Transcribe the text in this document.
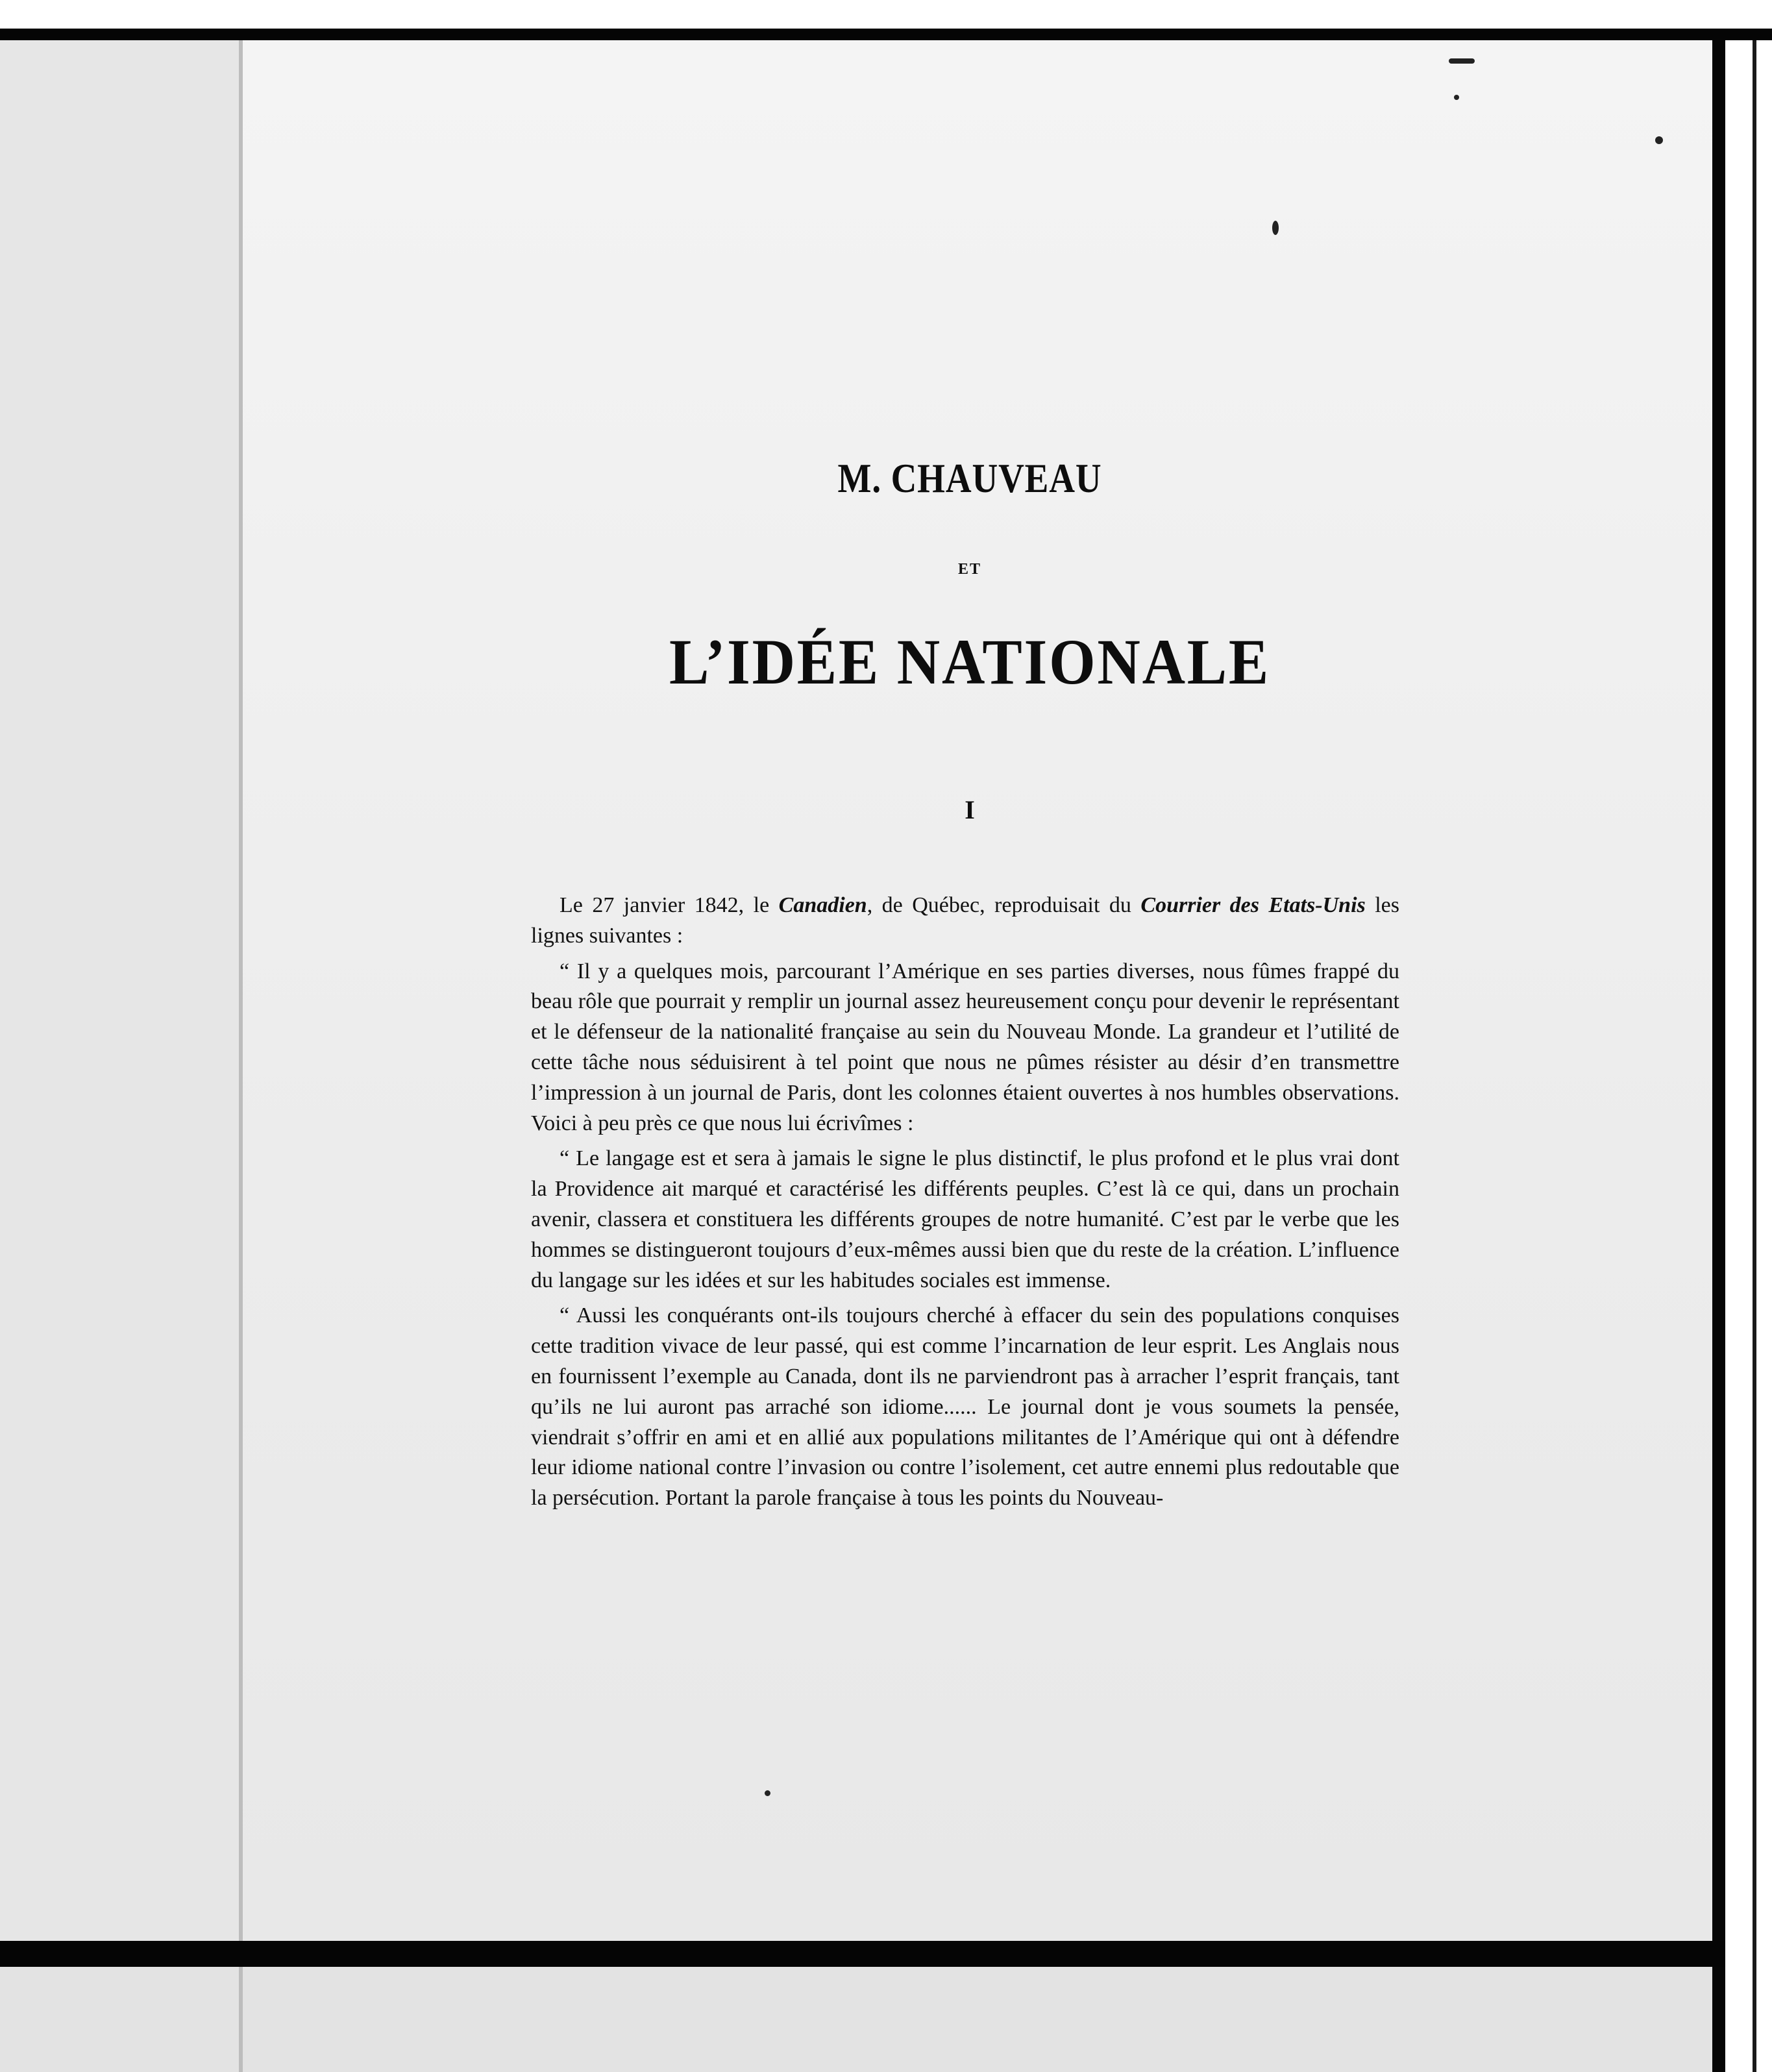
M. CHAUVEAU
ET
L’IDÉE NATIONALE
I

Le 27 janvier 1842, le Canadien, de Québec, reproduisait du Courrier des Etats-Unis les lignes suivantes :

“ Il y a quelques mois, parcourant l’Amérique en ses parties diverses, nous fûmes frappé du beau rôle que pourrait y remplir un journal assez heureusement conçu pour devenir le représentant et le défenseur de la nationalité française au sein du Nouveau Monde. La grandeur et l’utilité de cette tâche nous séduisirent à tel point que nous ne pûmes résister au désir d’en transmettre l’impression à un journal de Paris, dont les colonnes étaient ouvertes à nos humbles observations. Voici à peu près ce que nous lui écrivîmes :

“ Le langage est et sera à jamais le signe le plus distinctif, le plus profond et le plus vrai dont la Providence ait marqué et caractérisé les différents peuples. C’est là ce qui, dans un prochain avenir, classera et constituera les différents groupes de notre humanité. C’est par le verbe que les hommes se distingueront toujours d’eux-mêmes aussi bien que du reste de la création. L’influence du langage sur les idées et sur les habitudes sociales est immense.

“ Aussi les conquérants ont-ils toujours cherché à effacer du sein des populations conquises cette tradition vivace de leur passé, qui est comme l’incarnation de leur esprit. Les Anglais nous en fournissent l’exemple au Canada, dont ils ne parviendront pas à arracher l’esprit français, tant qu’ils ne lui auront pas arraché son idiome...... Le journal dont je vous soumets la pensée, viendrait s’offrir en ami et en allié aux populations militantes de l’Amérique qui ont à défendre leur idiome national contre l’invasion ou contre l’isolement, cet autre ennemi plus redoutable que la persécution. Portant la parole française à tous les points du Nouveau-
